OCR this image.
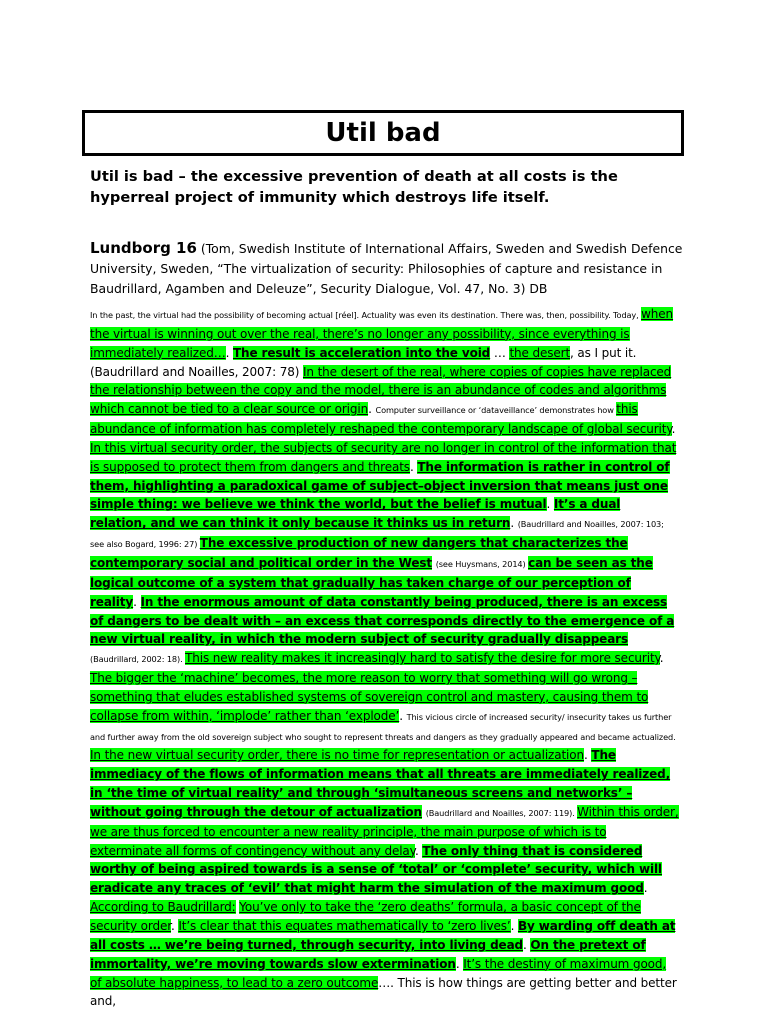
Util bad

Util is bad – the excessive prevention of death at all costs is the hyperreal project of immunity which destroys life itself.

Lundborg 16 (Tom, Swedish Institute of International Affairs, Sweden and Swedish Defence University, Sweden, “The virtualization of security: Philosophies of capture and resistance in Baudrillard, Agamben and Deleuze”, Security Dialogue, Vol. 47, No. 3) DB

In the past, the virtual had the possibility of becoming actual [réel]. Actuality was even its destination. There was, then, possibility. Today, when the virtual is winning out over the real, there’s no longer any possibility, since everything is immediately realized…. The result is acceleration into the void … the desert, as I put it. (Baudrillard and Noailles, 2007: 78) In the desert of the real, where copies of copies have replaced the relationship between the copy and the model, there is an abundance of codes and algorithms which cannot be tied to a clear source or origin. Computer surveillance or ‘dataveillance’ demonstrates how this abundance of information has completely reshaped the contemporary landscape of global security. In this virtual security order, the subjects of security are no longer in control of the information that is supposed to protect them from dangers and threats. The information is rather in control of them, highlighting a paradoxical game of subject–object inversion that means just one simple thing: we believe we think the world, but the belief is mutual. It’s a dual relation, and we can think it only because it thinks us in return. (Baudrillard and Noailles, 2007: 103; see also Bogard, 1996: 27) The excessive production of new dangers that characterizes the contemporary social and political order in the West (see Huysmans, 2014) can be seen as the logical outcome of a system that gradually has taken charge of our perception of reality. In the enormous amount of data constantly being produced, there is an excess of dangers to be dealt with – an excess that corresponds directly to the emergence of a new virtual reality, in which the modern subject of security gradually disappears (Baudrillard, 2002: 18). This new reality makes it increasingly hard to satisfy the desire for more security. The bigger the ‘machine’ becomes, the more reason to worry that something will go wrong – something that eludes established systems of sovereign control and mastery, causing them to collapse from within, ‘implode’ rather than ‘explode’. This vicious circle of increased security/ insecurity takes us further and further away from the old sovereign subject who sought to represent threats and dangers as they gradually appeared and became actualized. In the new virtual security order, there is no time for representation or actualization. The immediacy of the flows of information means that all threats are immediately realized, in ‘the time of virtual reality’ and through ‘simultaneous screens and networks’ – without going through the detour of actualization (Baudrillard and Noailles, 2007: 119). Within this order, we are thus forced to encounter a new reality principle, the main purpose of which is to exterminate all forms of contingency without any delay. The only thing that is considered worthy of being aspired towards is a sense of ‘total’ or ‘complete’ security, which will eradicate any traces of ‘evil’ that might harm the simulation of the maximum good. According to Baudrillard: You’ve only to take the ‘zero deaths’ formula, a basic concept of the security order. It’s clear that this equates mathematically to ‘zero lives’. By warding off death at all costs … we’re being turned, through security, into living dead. On the pretext of immortality, we’re moving towards slow extermination. It’s the destiny of maximum good, of absolute happiness, to lead to a zero outcome…. This is how things are getting better and better and,
